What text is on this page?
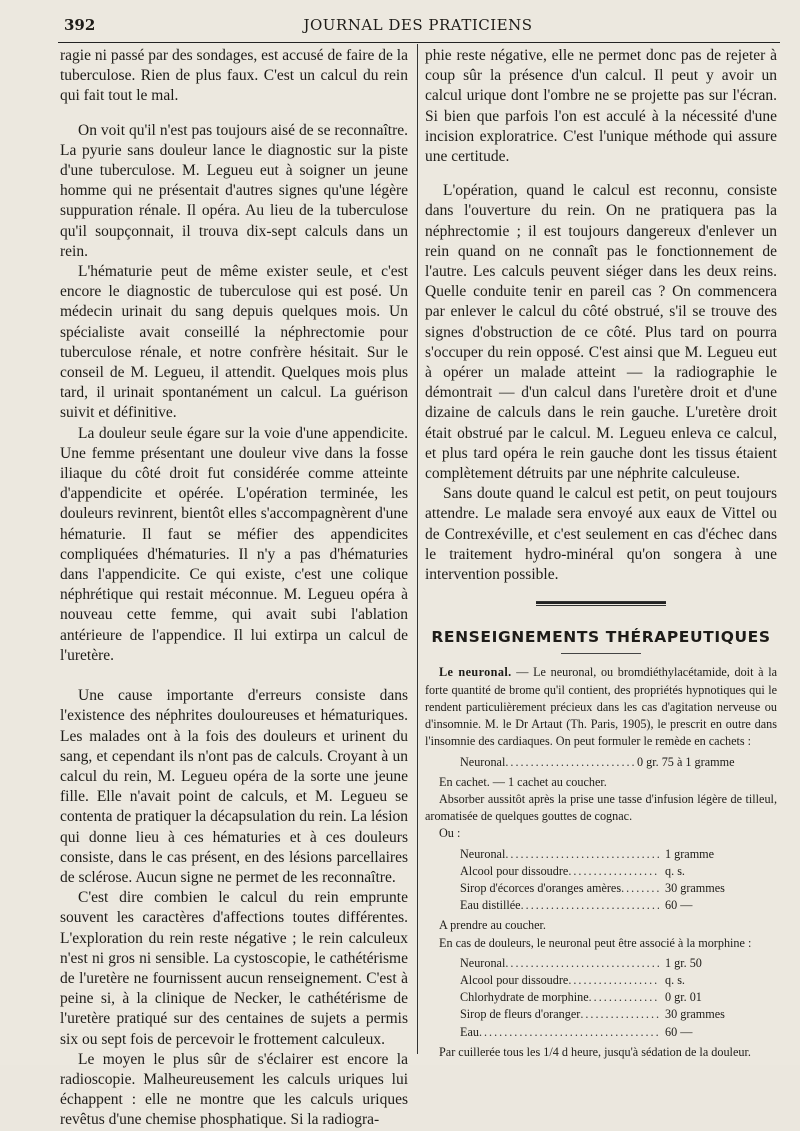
392	JOURNAL DES PRATICIENS

ragie ni passé par des sondages, est accusé de faire de la tuberculose. Rien de plus faux. C'est un calcul du rein qui fait tout le mal.

On voit qu'il n'est pas toujours aisé de se reconnaître. La pyurie sans douleur lance le diagnostic sur la piste d'une tuberculose. M. Legueu eut à soigner un jeune homme qui ne présentait d'autres signes qu'une légère suppuration rénale. Il opéra. Au lieu de la tuberculose qu'il soupçonnait, il trouva dix-sept calculs dans un rein.

L'hématurie peut de même exister seule, et c'est encore le diagnostic de tuberculose qui est posé. Un médecin urinait du sang depuis quelques mois. Un spécialiste avait conseillé la néphrectomie pour tuberculose rénale, et notre confrère hésitait. Sur le conseil de M. Legueu, il attendit. Quelques mois plus tard, il urinait spontanément un calcul. La guérison suivit et définitive.

La douleur seule égare sur la voie d'une appendicite. Une femme présentant une douleur vive dans la fosse iliaque du côté droit fut considérée comme atteinte d'appendicite et opérée. L'opération terminée, les douleurs revinrent, bientôt elles s'accompagnèrent d'une hématurie. Il faut se méfier des appendicites compliquées d'hématuries. Il n'y a pas d'hématuries dans l'appendicite. Ce qui existe, c'est une colique néphrétique qui restait méconnue. M. Legueu opéra à nouveau cette femme, qui avait subi l'ablation antérieure de l'appendice. Il lui extirpa un calcul de l'uretère.

Une cause importante d'erreurs consiste dans l'existence des néphrites douloureuses et hématuriques. Les malades ont à la fois des douleurs et urinent du sang, et cependant ils n'ont pas de calculs. Croyant à un calcul du rein, M. Legueu opéra de la sorte une jeune fille. Elle n'avait point de calculs, et M. Legueu se contenta de pratiquer la décapsulation du rein. La lésion qui donne lieu à ces hématuries et à ces douleurs consiste, dans le cas présent, en des lésions parcellaires de sclérose. Aucun signe ne permet de les reconnaître.

C'est dire combien le calcul du rein emprunte souvent les caractères d'affections toutes différentes. L'exploration du rein reste négative ; le rein calculeux n'est ni gros ni sensible. La cystoscopie, le cathétérisme de l'uretère ne fournissent aucun renseignement. C'est à peine si, à la clinique de Necker, le cathétérisme de l'uretère pratiqué sur des centaines de sujets a permis six ou sept fois de percevoir le frottement calculeux.

Le moyen le plus sûr de s'éclairer est encore la radioscopie. Malheureusement les calculs uriques lui échappent : elle ne montre que les calculs uriques revêtus d'une chemise phosphatique. Si la radiogra-

phie reste négative, elle ne permet donc pas de rejeter à coup sûr la présence d'un calcul. Il peut y avoir un calcul urique dont l'ombre ne se projette pas sur l'écran. Si bien que parfois l'on est acculé à la nécessité d'une incision exploratrice. C'est l'unique méthode qui assure une certitude.

L'opération, quand le calcul est reconnu, consiste dans l'ouverture du rein. On ne pratiquera pas la néphrectomie ; il est toujours dangereux d'enlever un rein quand on ne connaît pas le fonctionnement de l'autre. Les calculs peuvent siéger dans les deux reins. Quelle conduite tenir en pareil cas ? On commencera par enlever le calcul du côté obstrué, s'il se trouve des signes d'obstruction de ce côté. Plus tard on pourra s'occuper du rein opposé. C'est ainsi que M. Legueu eut à opérer un malade atteint — la radiographie le démontrait — d'un calcul dans l'uretère droit et d'une dizaine de calculs dans le rein gauche. L'uretère droit était obstrué par le calcul. M. Legueu enleva ce calcul, et plus tard opéra le rein gauche dont les tissus étaient complètement détruits par une néphrite calculeuse.

Sans doute quand le calcul est petit, on peut toujours attendre. Le malade sera envoyé aux eaux de Vittel ou de Contrexéville, et c'est seulement en cas d'échec dans le traitement hydro-minéral qu'on songera à une intervention possible.

RENSEIGNEMENTS THÉRAPEUTIQUES

Le neuronal. — Le neuronal, ou bromdiéthylacétamide, doit à la forte quantité de brome qu'il contient, des propriétés hypnotiques qui le rendent particulièrement précieux dans les cas d'agitation nerveuse ou d'insomnie. M. le Dr Artaut (Th. Paris, 1905), le prescrit en outre dans l'insomnie des cardiaques. On peut formuler le remède en cachets :

Neuronal .....	0 gr. 75 à 1 gramme

En cachet. — 1 cachet au coucher.

Absorber aussitôt après la prise une tasse d'infusion légère de tilleul, aromatisée de quelques gouttes de cognac.

Ou :

Neuronal .....	1 gramme
Alcool pour dissoudre .....	q. s.
Sirop d'écorces d'oranges amères .....	30 grammes
Eau distillée .....	60 —

A prendre au coucher.

En cas de douleurs, le neuronal peut être associé à la morphine :

Neuronal .....	1 gr. 50
Alcool pour dissoudre .....	q. s.
Chlorhydrate de morphine .....	0 gr. 01
Sirop de fleurs d'oranger .....	30 grammes
Eau .....	60 —

Par cuillerée tous les 1/4 d heure, jusqu'à sédation de la douleur.
